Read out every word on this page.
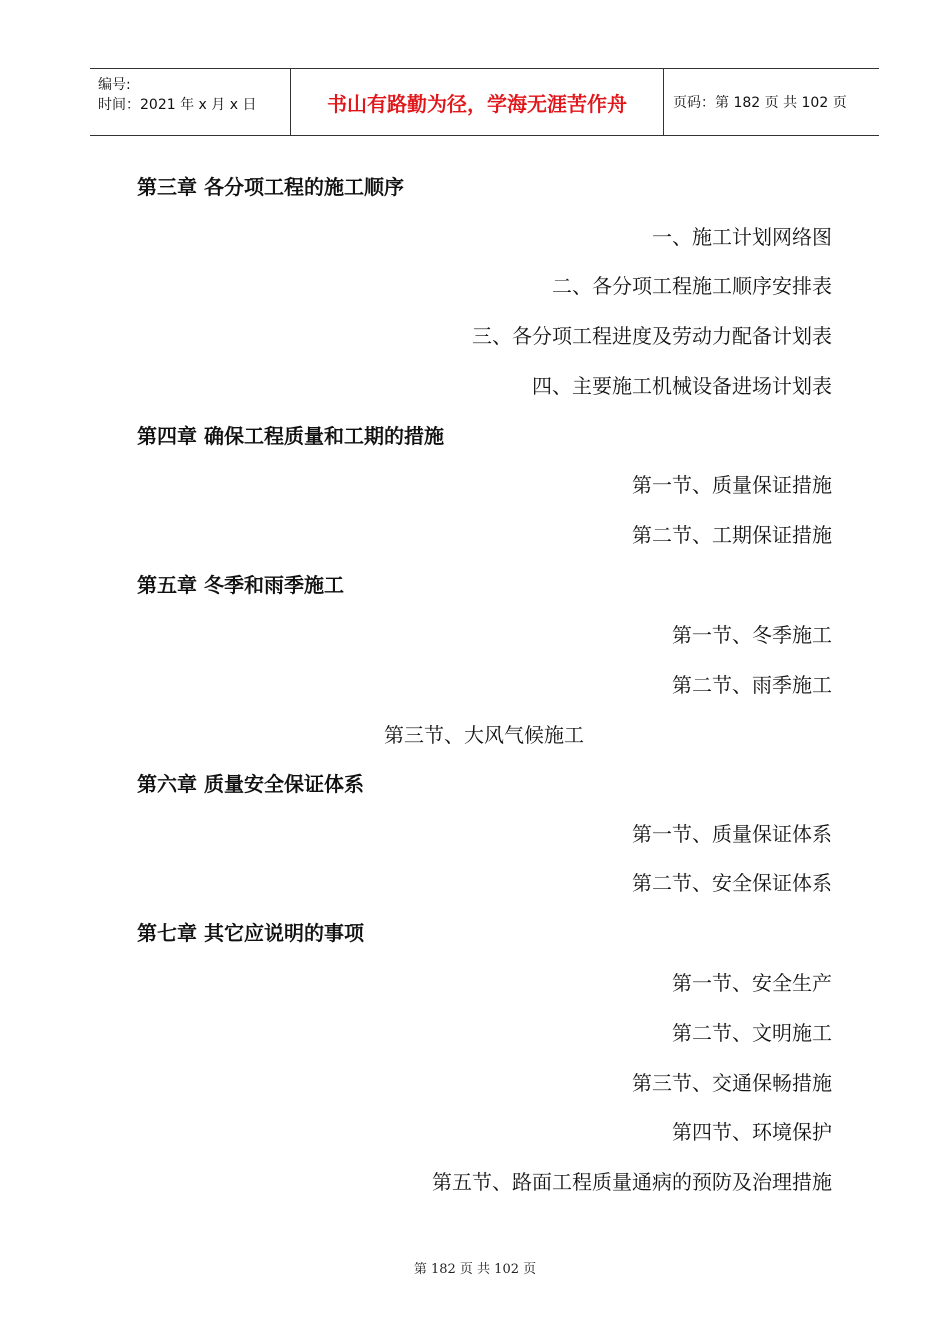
编号:
时间：2021 年 x 月 x 日	书山有路勤为径，学海无涯苦作舟	页码：第 182 页 共 102 页
第三章 各分项工程的施工顺序
一、施工计划网络图
二、各分项工程施工顺序安排表
三、各分项工程进度及劳动力配备计划表
四、主要施工机械设备进场计划表
第四章 确保工程质量和工期的措施
第一节、质量保证措施
第二节、工期保证措施
第五章 冬季和雨季施工
第一节、冬季施工
第二节、雨季施工
第三节、大风气候施工
第六章 质量安全保证体系
第一节、质量保证体系
第二节、安全保证体系
第七章 其它应说明的事项
第一节、安全生产
第二节、文明施工
第三节、交通保畅措施
第四节、环境保护
第五节、路面工程质量通病的预防及治理措施
第 182 页 共 102 页
